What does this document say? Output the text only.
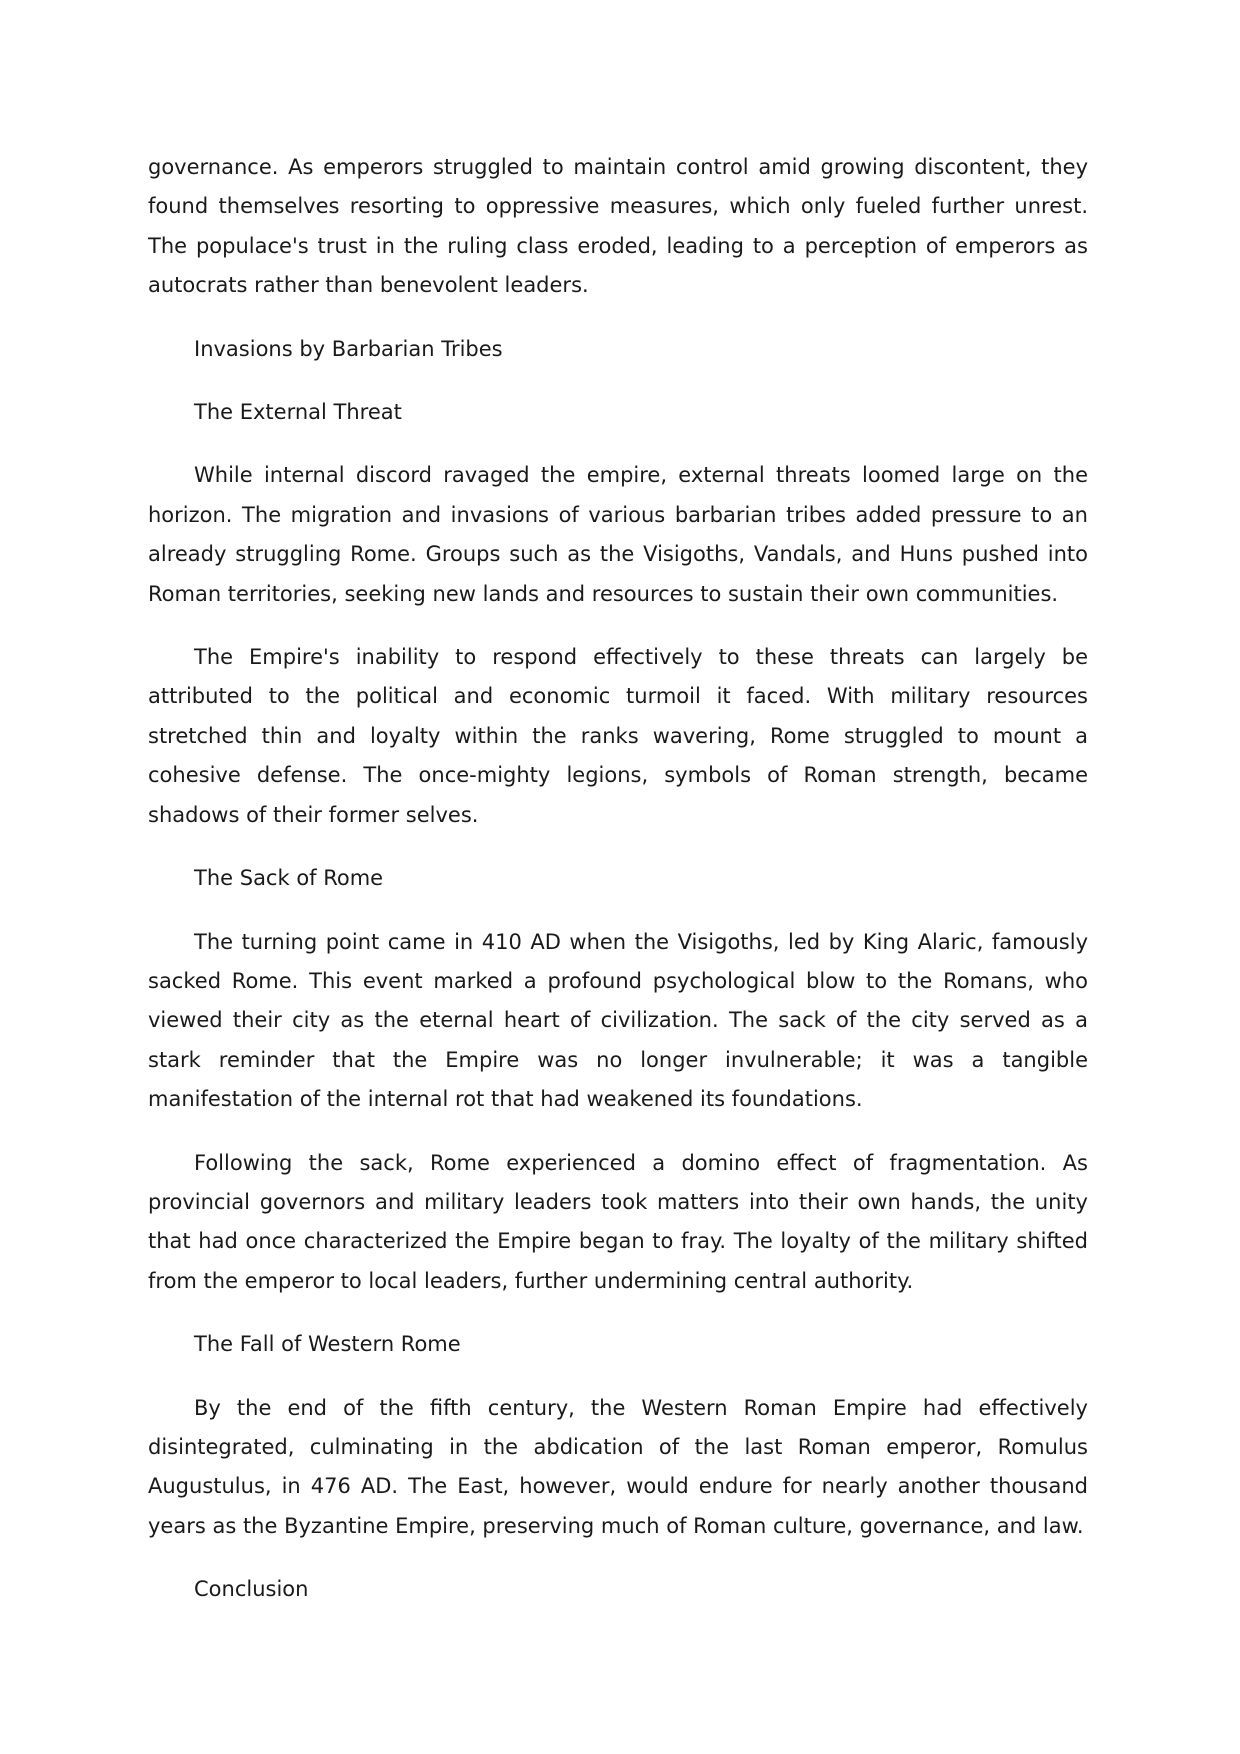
governance. As emperors struggled to maintain control amid growing discontent, they found themselves resorting to oppressive measures, which only fueled further unrest. The populace's trust in the ruling class eroded, leading to a perception of emperors as autocrats rather than benevolent leaders.

Invasions by Barbarian Tribes

The External Threat

While internal discord ravaged the empire, external threats loomed large on the horizon. The migration and invasions of various barbarian tribes added pressure to an already struggling Rome. Groups such as the Visigoths, Vandals, and Huns pushed into Roman territories, seeking new lands and resources to sustain their own communities.

The Empire's inability to respond effectively to these threats can largely be attributed to the political and economic turmoil it faced. With military resources stretched thin and loyalty within the ranks wavering, Rome struggled to mount a cohesive defense. The once-mighty legions, symbols of Roman strength, became shadows of their former selves.

The Sack of Rome

The turning point came in 410 AD when the Visigoths, led by King Alaric, famously sacked Rome. This event marked a profound psychological blow to the Romans, who viewed their city as the eternal heart of civilization. The sack of the city served as a stark reminder that the Empire was no longer invulnerable; it was a tangible manifestation of the internal rot that had weakened its foundations.

Following the sack, Rome experienced a domino effect of fragmentation. As provincial governors and military leaders took matters into their own hands, the unity that had once characterized the Empire began to fray. The loyalty of the military shifted from the emperor to local leaders, further undermining central authority.

The Fall of Western Rome

By the end of the fifth century, the Western Roman Empire had effectively disintegrated, culminating in the abdication of the last Roman emperor, Romulus Augustulus, in 476 AD. The East, however, would endure for nearly another thousand years as the Byzantine Empire, preserving much of Roman culture, governance, and law.

Conclusion
